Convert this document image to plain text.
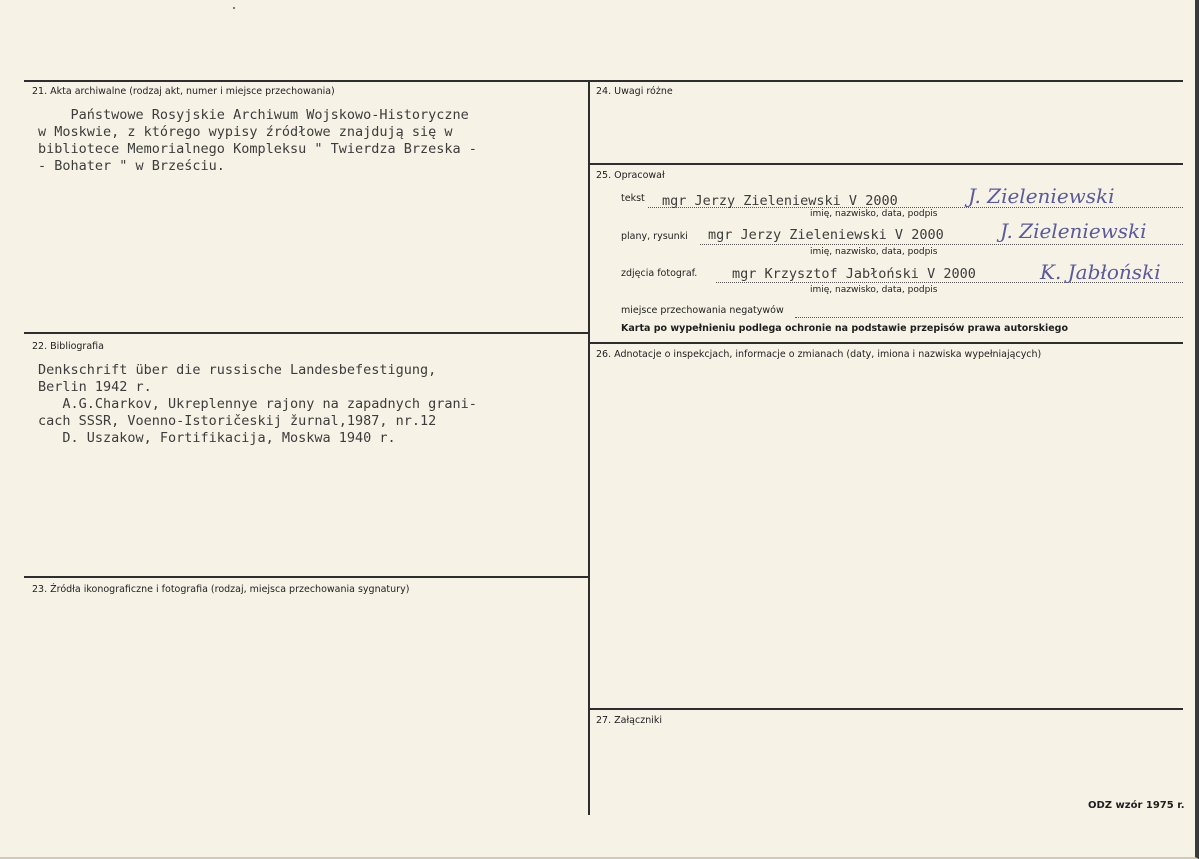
21. Akta archiwalne (rodzaj akt, numer i miejsce przechowania)
Państwowe Rosyjskie Archiwum Wojskowo-Historyczne
w Moskwie, z którego wypisy źródłowe znajdują się w
bibliotece Memorialnego Kompleksu " Twierdza Brzeska -
- Bohater " w Brześciu.
22. Bibliografia
Denkschrift über die russische Landesbefestigung,
Berlin 1942 r.
A.G.Charkov, Ukreplennye rajony na zapadnych grani-
cach SSSR, Voenno-Istoričeskij žurnal,1987, nr.12
D. Uszakow, Fortifikacija, Moskwa 1940 r.
23. Źródła ikonograficzne i fotografia (rodzaj, miejsca przechowania sygnatury)
24. Uwagi różne
25. Opracował
tekst mgr Jerzy Zieleniewski V 2000	J. Zieleniewski
imię, nazwisko, data, podpis
plany, rysunki mgr Jerzy Zieleniewski V 2000	J. Zieleniewski
imię, nazwisko, data, podpis
zdjęcia fotograf.	mgr Krzysztof Jabłoński V 2000	K. Jabłoński
imię, nazwisko, data, podpis
miejsce przechowania negatywów
Karta po wypełnieniu podlega ochronie na podstawie przepisów prawa autorskiego
26. Adnotacje o inspekcjach, informacje o zmianach (daty, imiona i nazwiska wypełniających)
27. Załączniki
ODZ wzór 1975 r.
